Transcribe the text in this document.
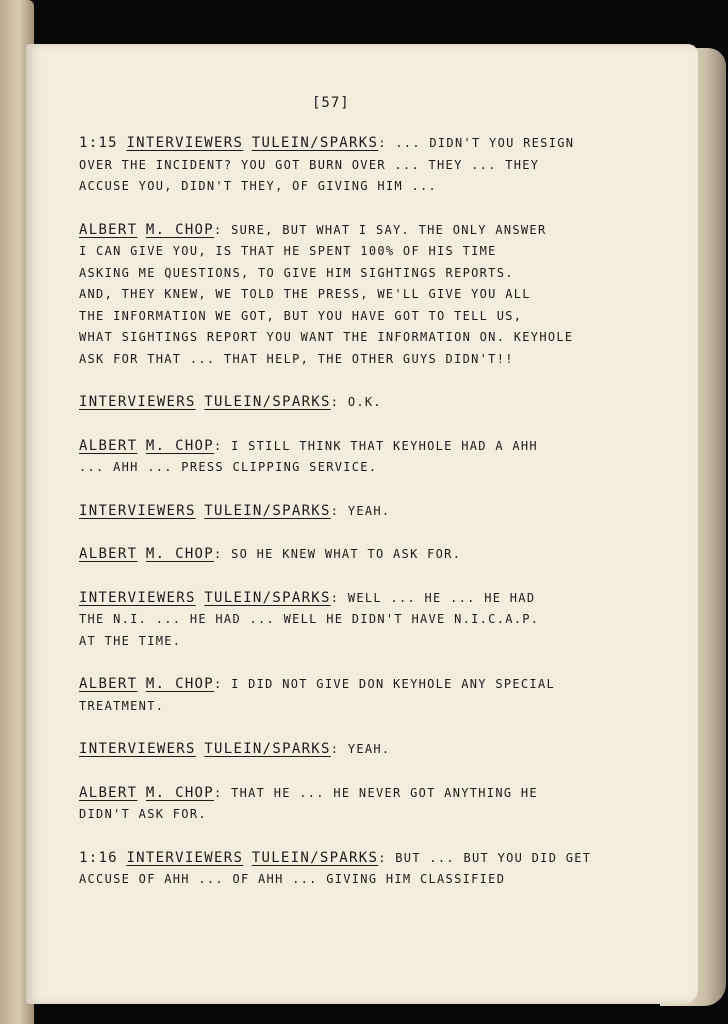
[57]
1:15 INTERVIEWERS TULEIN/SPARKS: ... DIDN'T YOU RESIGN
OVER THE INCIDENT? YOU GOT BURN OVER ... THEY ... THEY
ACCUSE YOU, DIDN'T THEY, OF GIVING HIM ...
ALBERT M. CHOP: SURE, BUT WHAT I SAY. THE ONLY ANSWER
I CAN GIVE YOU, IS THAT HE SPENT 100% OF HIS TIME
ASKING ME QUESTIONS, TO GIVE HIM SIGHTINGS REPORTS.
AND, THEY KNEW, WE TOLD THE PRESS, WE'LL GIVE YOU ALL
THE INFORMATION WE GOT, BUT YOU HAVE GOT TO TELL US,
WHAT SIGHTINGS REPORT YOU WANT THE INFORMATION ON. KEYHOLE
ASK FOR THAT ... THAT HELP, THE OTHER GUYS DIDN'T!!
INTERVIEWERS TULEIN/SPARKS: O.K.
ALBERT M. CHOP: I STILL THINK THAT KEYHOLE HAD A AHH
... AHH ... PRESS CLIPPING SERVICE.
INTERVIEWERS TULEIN/SPARKS: YEAH.
ALBERT M. CHOP: SO HE KNEW WHAT TO ASK FOR.
INTERVIEWERS TULEIN/SPARKS: WELL ... HE ... HE HAD
THE N.I. ... HE HAD ... WELL HE DIDN'T HAVE N.I.C.A.P.
AT THE TIME.
ALBERT M. CHOP: I DID NOT GIVE DON KEYHOLE ANY SPECIAL
TREATMENT.
INTERVIEWERS TULEIN/SPARKS: YEAH.
ALBERT M. CHOP: THAT HE ... HE NEVER GOT ANYTHING HE
DIDN'T ASK FOR.
1:16 INTERVIEWERS TULEIN/SPARKS: BUT ... BUT YOU DID GET
ACCUSE OF AHH ... OF AHH ... GIVING HIM CLASSIFIED
